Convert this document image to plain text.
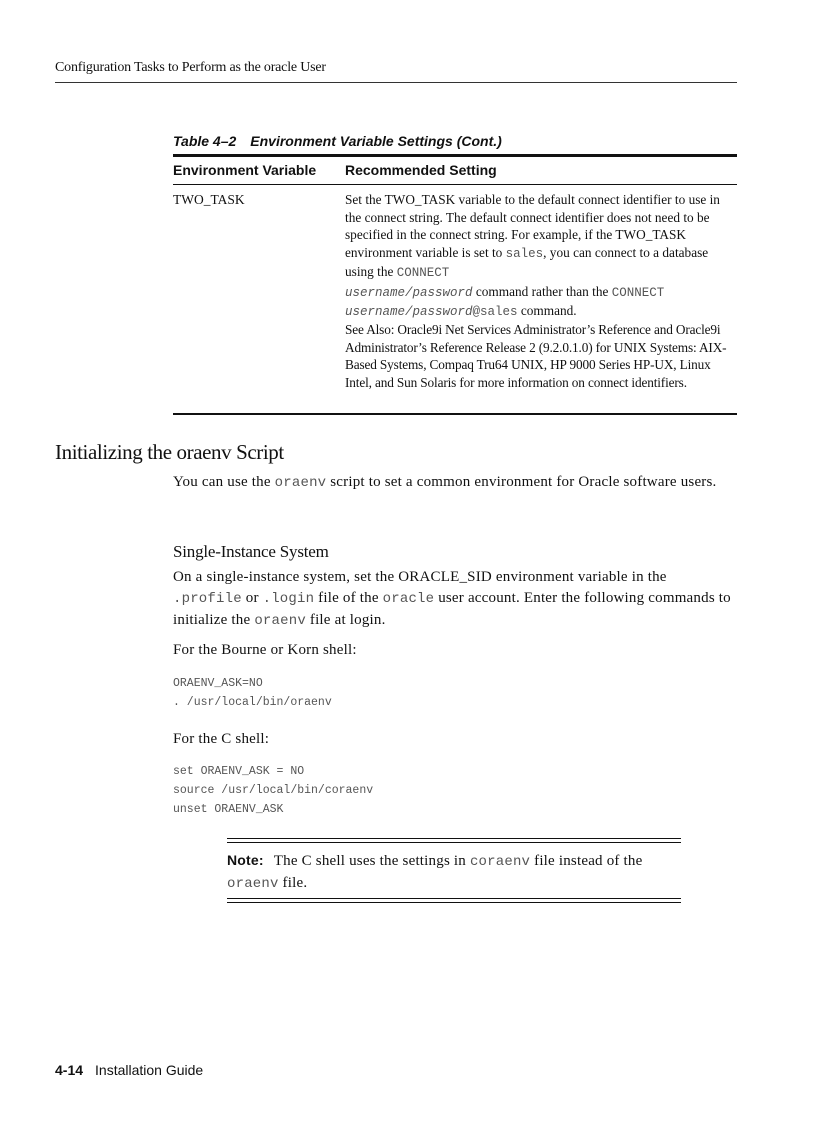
Configuration Tasks to Perform as the oracle User
Table 4–2 Environment Variable Settings (Cont.)
Environment Variable Recommended Setting
TWO_TASK	Set the TWO_TASK variable to the default connect identifier to use in the connect string. The default connect identifier does not need to be specified in the connect string. For example, if the TWO_TASK environment variable is set to sales, you can connect to a database using the CONNECT
username/password command rather than the CONNECT
username/password@sales command.
See Also: Oracle9i Net Services Administrator’s Reference and Oracle9i Administrator’s Reference Release 2 (9.2.0.1.0) for UNIX Systems: AIX-Based Systems, Compaq Tru64 UNIX, HP 9000 Series HP-UX, Linux Intel, and Sun Solaris for more information on connect identifiers.
Initializing the oraenv Script
You can use the oraenv script to set a common environment for Oracle software users.
Single-Instance System
On a single-instance system, set the ORACLE_SID environment variable in the .profile or .login file of the oracle user account. Enter the following commands to initialize the oraenv file at login.
For the Bourne or Korn shell:
ORAENV_ASK=NO
. /usr/local/bin/oraenv
For the C shell:
set ORAENV_ASK = NO
source /usr/local/bin/coraenv
unset ORAENV_ASK
Note: The C shell uses the settings in coraenv file instead of the
oraenv file.
4-14 Installation Guide
